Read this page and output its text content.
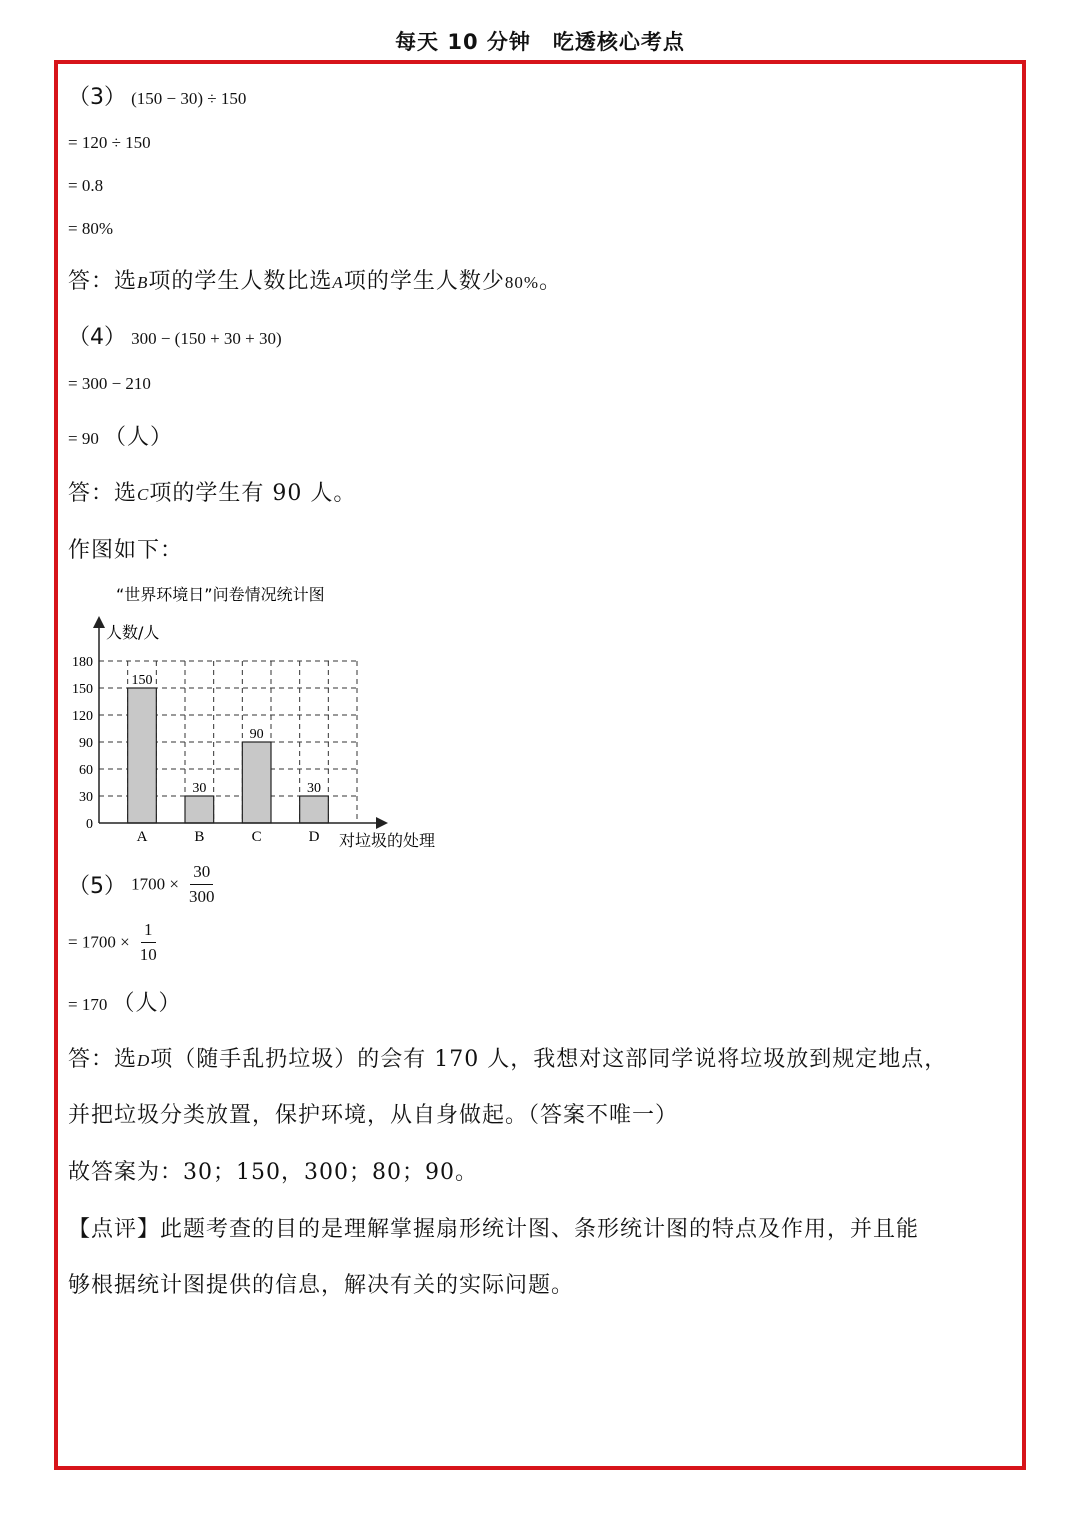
每天 10 分钟　吃透核心考点
（3） (150 − 30) ÷ 150
= 120 ÷ 150
= 0.8
= 80%
答：选B项的学生人数比选A项的学生人数少80%。
（4） 300 − (150 + 30 + 30)
= 300 − 210
= 90 （人）
答：选C项的学生有 90 人。
作图如下：
“世界环境日”问卷情况统计图
人数/人
对垃圾的处理
0
30
60
90
120
150
180
A	B	C	D
150
30
90
30
（5） $1700 \times \frac{30}{300}$
= $1700 \times \frac{1}{10}$
= 170 （人）
答：选D项（随手乱扔垃圾）的会有 170 人，我想对这部同学说将垃圾放到规定地点，
并把垃圾分类放置，保护环境，从自身做起。（答案不唯一）
故答案为：30；150，300；80；90。
【点评】此题考查的目的是理解掌握扇形统计图、条形统计图的特点及作用，并且能
够根据统计图提供的信息，解决有关的实际问题。
